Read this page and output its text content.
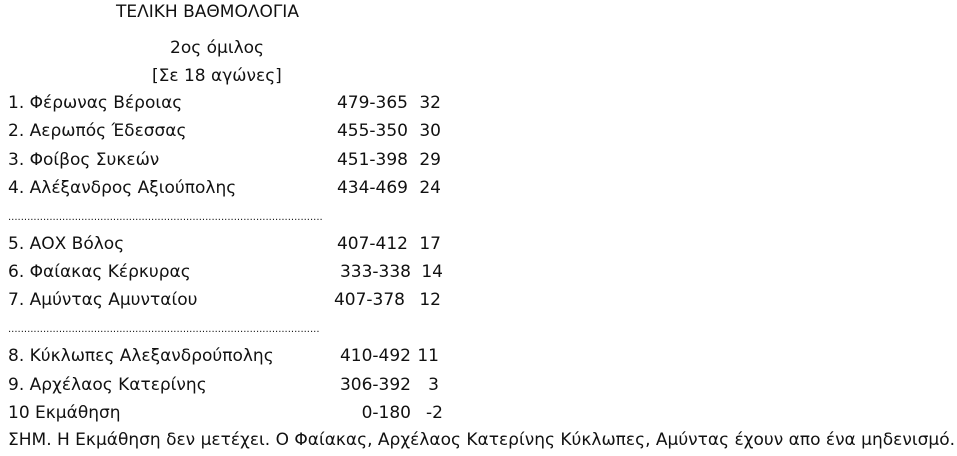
ΤΕΛΙΚΗ ΒΑΘΜΟΛΟΓΙΑ
2ος όμιλος
[Σε 18 αγώνες]
1. Φέρωνας Βέροιας	479-365 32
2. Αερωπός Έδεσσας	455-350 30
3. Φοίβος Συκεών	451-398 29
4. Αλέξανδρος Αξιούπολης	434-469 24
...................................................................................................
5. ΑΟΧ Βόλος	407-412 17
6. Φαίακας Κέρκυρας	333-338 14
7. Αμύντας Αμυνταίου	407-378 12
..................................................................................................
8. Κύκλωπες Αλεξανδρούπολης	410-492 11
9. Αρχέλαος Κατερίνης	306-392	3
10 Εκμάθηση	0-180 -2
ΣΗΜ. Η Εκμάθηση δεν μετέχει. Ο Φαίακας, Αρχέλαος Κατερίνης Κύκλωπες, Αμύντας έχουν απο ένα μηδενισμό.
